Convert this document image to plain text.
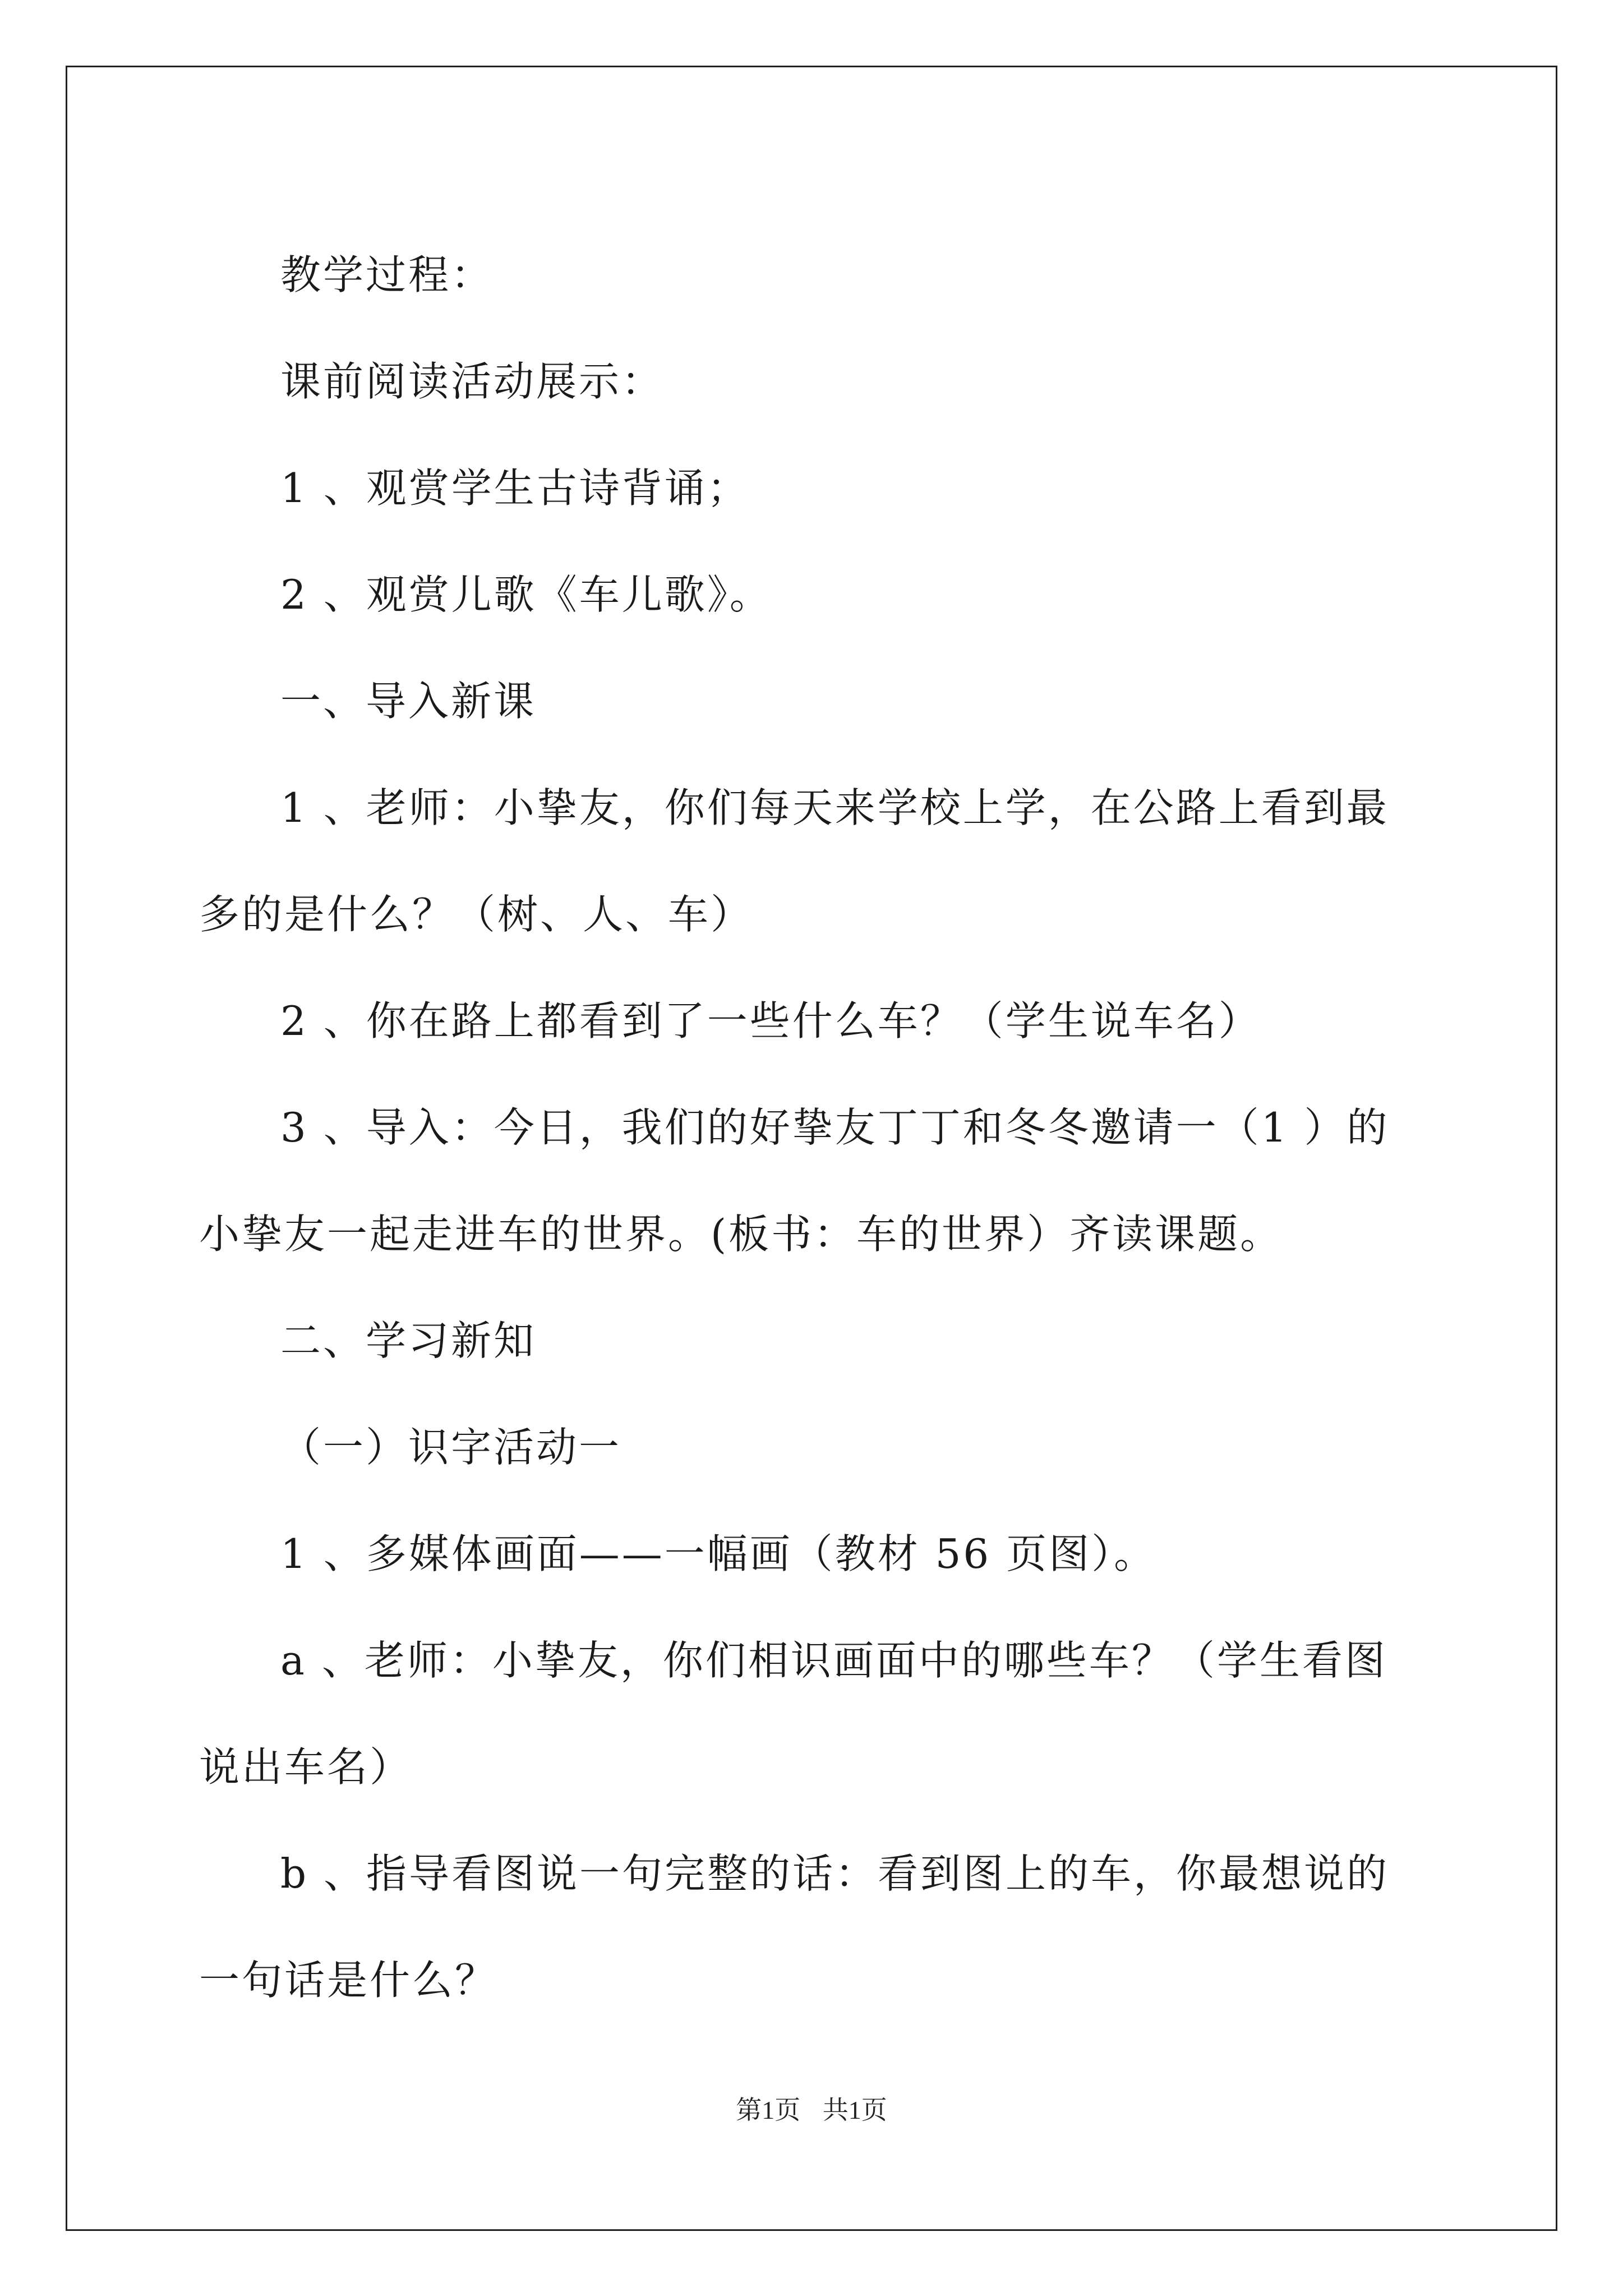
教学过程：

课前阅读活动展示：

1 、观赏学生古诗背诵；

2 、观赏儿歌《车儿歌》。

一、导入新课

1 、老师：小挚友，你们每天来学校上学，在公路上看到最多的是什么？（树、人、车）

2 、你在路上都看到了一些什么车？（学生说车名）

3 、导入：今日，我们的好挚友丁丁和冬冬邀请一（1 ）的小挚友一起走进车的世界。(板书：车的世界）齐读课题。

二、学习新知

（一）识字活动一

1 、多媒体画面——一幅画（教材 56 页图）。

a 、老师：小挚友，你们相识画面中的哪些车？（学生看图说出车名）

b 、指导看图说一句完整的话：看到图上的车，你最想说的一句话是什么？

第1页 共1页
